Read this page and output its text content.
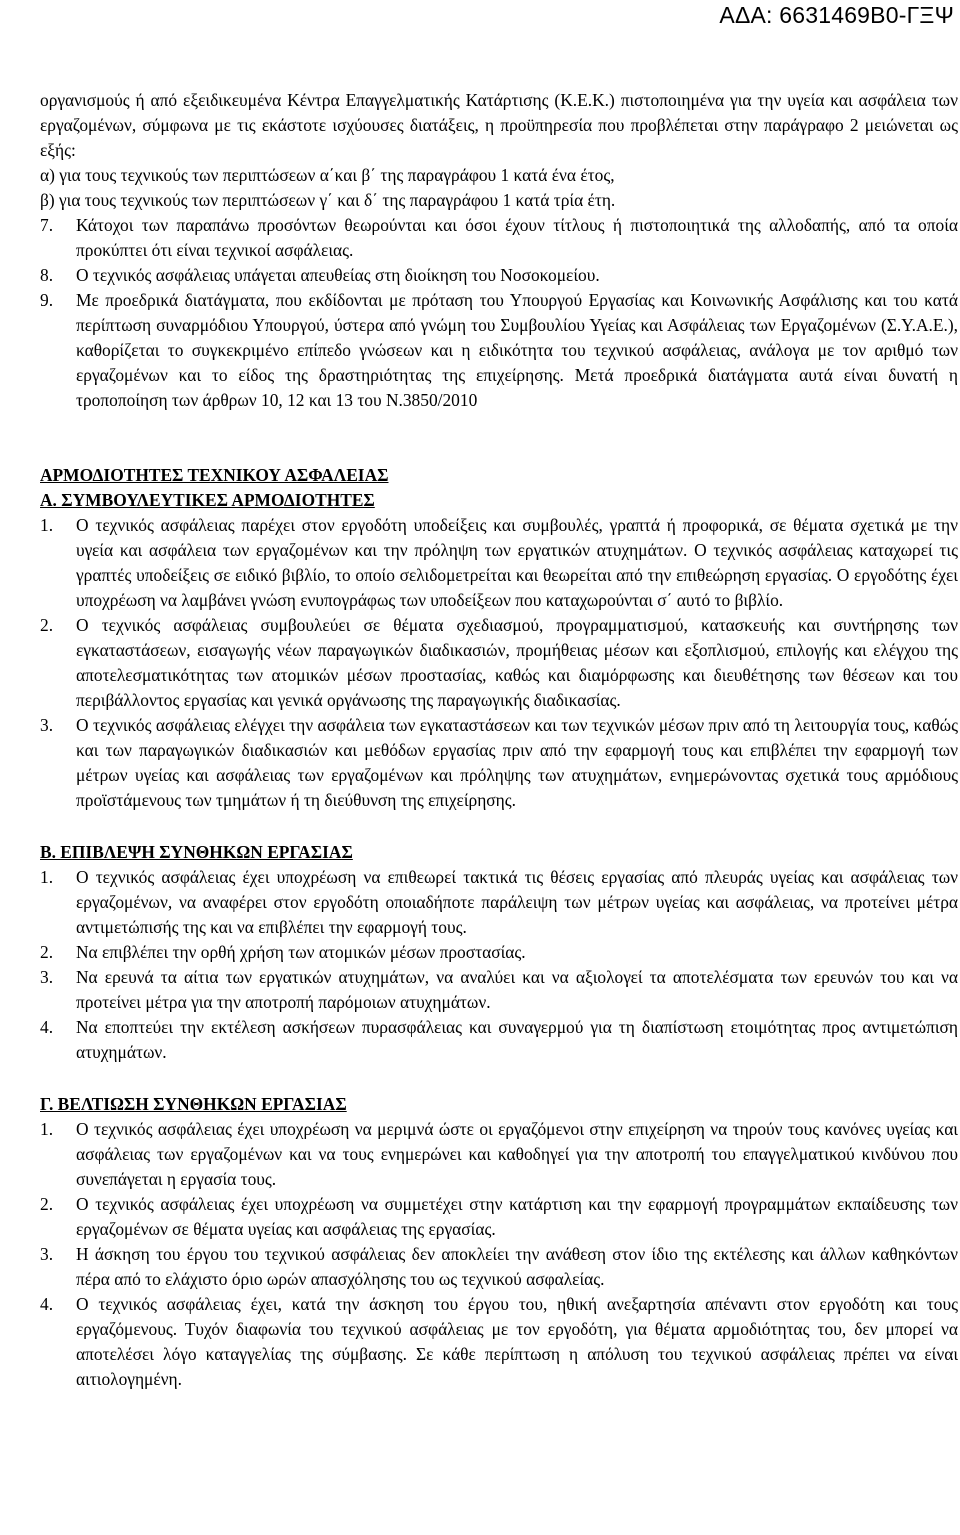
ΑΔΑ: 6631469Β0-ΓΞΨ
οργανισμούς ή από εξειδικευμένα Κέντρα Επαγγελματικής Κατάρτισης (Κ.Ε.Κ.) πιστοποιημένα για την υγεία και ασφάλεια των εργαζομένων, σύμφωνα με τις εκάστοτε ισχύουσες διατάξεις, η προϋπηρεσία που προβλέπεται στην παράγραφο 2 μειώνεται ως εξής:
α) για τους τεχνικούς των περιπτώσεων α΄και β΄ της παραγράφου 1 κατά ένα έτος,
β) για τους τεχνικούς των περιπτώσεων γ΄ και δ΄ της παραγράφου 1 κατά τρία έτη.
7.	Κάτοχοι των παραπάνω προσόντων θεωρούνται και όσοι έχουν τίτλους ή πιστοποιητικά της αλλοδαπής, από τα οποία προκύπτει ότι είναι τεχνικοί ασφάλειας.
8.	Ο τεχνικός ασφάλειας υπάγεται απευθείας στη διοίκηση του Νοσοκομείου.
9.	Με προεδρικά διατάγματα, που εκδίδονται με πρόταση του Υπουργού Εργασίας και Κοινωνικής Ασφάλισης και του κατά περίπτωση συναρμόδιου Υπουργού, ύστερα από γνώμη του Συμβουλίου Υγείας και Ασφάλειας των Εργαζομένων (Σ.Υ.Α.Ε.), καθορίζεται το συγκεκριμένο επίπεδο γνώσεων και η ειδικότητα του τεχνικού ασφάλειας, ανάλογα με τον αριθμό των εργαζομένων και το είδος της δραστηριότητας της επιχείρησης. Μετά προεδρικά διατάγματα αυτά είναι δυνατή η τροποποίηση των άρθρων 10, 12 και 13 του Ν.3850/2010
ΑΡΜΟΔΙΟΤΗΤΕΣ ΤΕΧΝΙΚΟΥ ΑΣΦΑΛΕΙΑΣ
Α. ΣΥΜΒΟΥΛΕΥΤΙΚΕΣ ΑΡΜΟΔΙΟΤΗΤΕΣ
1.	Ο τεχνικός ασφάλειας παρέχει στον εργοδότη υποδείξεις και συμβουλές, γραπτά ή προφορικά, σε θέματα σχετικά με την υγεία και ασφάλεια των εργαζομένων και την πρόληψη των εργατικών ατυχημάτων. Ο τεχνικός ασφάλειας καταχωρεί τις γραπτές υποδείξεις σε ειδικό βιβλίο, το οποίο σελιδομετρείται και θεωρείται από την επιθεώρηση εργασίας. Ο εργοδότης έχει υποχρέωση να λαμβάνει γνώση ενυπογράφως των υποδείξεων που καταχωρούνται σ΄ αυτό το βιβλίο.
2.	Ο τεχνικός ασφάλειας συμβουλεύει σε θέματα σχεδιασμού, προγραμματισμού, κατασκευής και συντήρησης των εγκαταστάσεων, εισαγωγής νέων παραγωγικών διαδικασιών, προμήθειας μέσων και εξοπλισμού, επιλογής και ελέγχου της αποτελεσματικότητας των ατομικών μέσων προστασίας, καθώς και διαμόρφωσης και διευθέτησης των θέσεων και του περιβάλλοντος εργασίας και γενικά οργάνωσης της παραγωγικής διαδικασίας.
3.	Ο τεχνικός ασφάλειας ελέγχει την ασφάλεια των εγκαταστάσεων και των τεχνικών μέσων πριν από τη λειτουργία τους, καθώς και των παραγωγικών διαδικασιών και μεθόδων εργασίας πριν από την εφαρμογή τους και επιβλέπει την εφαρμογή των μέτρων υγείας και ασφάλειας των εργαζομένων και πρόληψης των ατυχημάτων, ενημερώνοντας σχετικά τους αρμόδιους προϊστάμενους των τμημάτων ή τη διεύθυνση της επιχείρησης.
Β. ΕΠΙΒΛΕΨΗ ΣΥΝΘΗΚΩΝ ΕΡΓΑΣΙΑΣ
1.	Ο τεχνικός ασφάλειας έχει υποχρέωση να επιθεωρεί τακτικά τις θέσεις εργασίας από πλευράς υγείας και ασφάλειας των εργαζομένων, να αναφέρει στον εργοδότη οποιαδήποτε παράλειψη των μέτρων υγείας και ασφάλειας, να προτείνει μέτρα αντιμετώπισής της και να επιβλέπει την εφαρμογή τους.
2.	Να επιβλέπει την ορθή χρήση των ατομικών μέσων προστασίας.
3.	Να ερευνά τα αίτια των εργατικών ατυχημάτων, να αναλύει και να αξιολογεί τα αποτελέσματα των ερευνών του και να προτείνει μέτρα για την αποτροπή παρόμοιων ατυχημάτων.
4.	Να εποπτεύει την εκτέλεση ασκήσεων πυρασφάλειας και συναγερμού για τη διαπίστωση ετοιμότητας προς αντιμετώπιση ατυχημάτων.
Γ. ΒΕΛΤΙΩΣΗ ΣΥΝΘΗΚΩΝ ΕΡΓΑΣΙΑΣ
1.	Ο τεχνικός ασφάλειας έχει υποχρέωση να μεριμνά ώστε οι εργαζόμενοι στην επιχείρηση να τηρούν τους κανόνες υγείας και ασφάλειας των εργαζομένων και να τους ενημερώνει και καθοδηγεί για την αποτροπή του επαγγελματικού κινδύνου που συνεπάγεται η εργασία τους.
2.	Ο τεχνικός ασφάλειας έχει υποχρέωση να συμμετέχει στην κατάρτιση και την εφαρμογή προγραμμάτων εκπαίδευσης των εργαζομένων σε θέματα υγείας και ασφάλειας της εργασίας.
3.	Η άσκηση του έργου του τεχνικού ασφάλειας δεν αποκλείει την ανάθεση στον ίδιο της εκτέλεσης και άλλων καθηκόντων πέρα από το ελάχιστο όριο ωρών απασχόλησης του ως τεχνικού ασφαλείας.
4.	Ο τεχνικός ασφάλειας έχει, κατά την άσκηση του έργου του, ηθική ανεξαρτησία απέναντι στον εργοδότη και τους εργαζόμενους. Τυχόν διαφωνία του τεχνικού ασφάλειας με τον εργοδότη, για θέματα αρμοδιότητας του, δεν μπορεί να αποτελέσει λόγο καταγγελίας της σύμβασης. Σε κάθε περίπτωση η απόλυση του τεχνικού ασφάλειας πρέπει να είναι αιτιολογημένη.
